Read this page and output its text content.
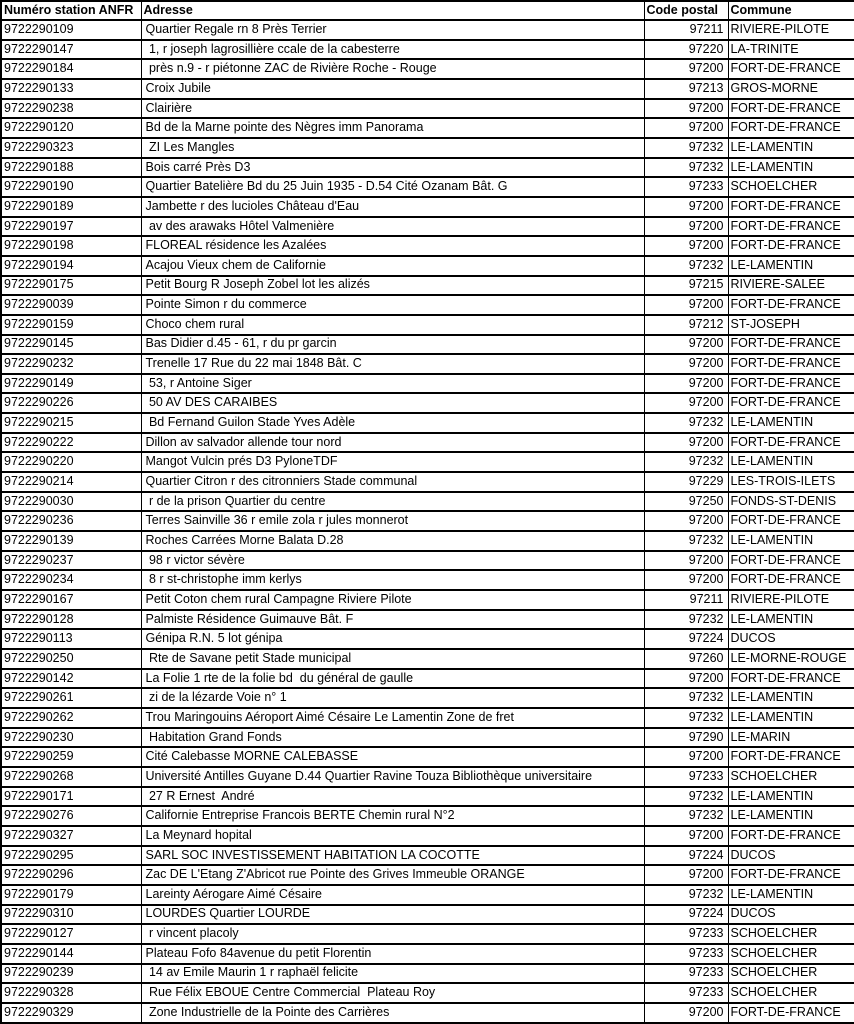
Numéro station ANFR	Adresse	Code postal	Commune
9722290109	Quartier Regale rn 8 Près Terrier	97211	RIVIERE-PILOTE
9722290147	1, r joseph lagrosillière ccale de la cabesterre	97220	LA-TRINITE
9722290184	près n.9 - r piétonne ZAC de Rivière Roche - Rouge	97200	FORT-DE-FRANCE
9722290133	Croix Jubile	97213	GROS-MORNE
9722290238	Clairière	97200	FORT-DE-FRANCE
9722290120	Bd de la Marne pointe des Nègres imm Panorama	97200	FORT-DE-FRANCE
9722290323	ZI Les Mangles	97232	LE-LAMENTIN
9722290188	Bois carré Près D3	97232	LE-LAMENTIN
9722290190	Quartier Batelière Bd du 25 Juin 1935 - D.54 Cité Ozanam Bât. G	97233	SCHOELCHER
9722290189	Jambette r des lucioles Château d'Eau	97200	FORT-DE-FRANCE
9722290197	av des arawaks Hôtel Valmenière	97200	FORT-DE-FRANCE
9722290198	FLOREAL résidence les Azalées	97200	FORT-DE-FRANCE
9722290194	Acajou Vieux chem de Californie	97232	LE-LAMENTIN
9722290175	Petit Bourg R Joseph Zobel lot les alizés	97215	RIVIERE-SALEE
9722290039	Pointe Simon r du commerce	97200	FORT-DE-FRANCE
9722290159	Choco chem rural	97212	ST-JOSEPH
9722290145	Bas Didier d.45 - 61, r du pr garcin	97200	FORT-DE-FRANCE
9722290232	Trenelle 17 Rue du 22 mai 1848 Bât. C	97200	FORT-DE-FRANCE
9722290149	53, r Antoine Siger	97200	FORT-DE-FRANCE
9722290226	50 AV DES CARAIBES	97200	FORT-DE-FRANCE
9722290215	Bd Fernand Guilon Stade Yves Adèle	97232	LE-LAMENTIN
9722290222	Dillon av salvador allende tour nord	97200	FORT-DE-FRANCE
9722290220	Mangot Vulcin prés D3 PyloneTDF	97232	LE-LAMENTIN
9722290214	Quartier Citron r des citronniers Stade communal	97229	LES-TROIS-ILETS
9722290030	r de la prison Quartier du centre	97250	FONDS-ST-DENIS
9722290236	Terres Sainville 36 r emile zola r jules monnerot	97200	FORT-DE-FRANCE
9722290139	Roches Carrées Morne Balata D.28	97232	LE-LAMENTIN
9722290237	98 r victor sévère	97200	FORT-DE-FRANCE
9722290234	8 r st-christophe imm kerlys	97200	FORT-DE-FRANCE
9722290167	Petit Coton chem rural Campagne Riviere Pilote	97211	RIVIERE-PILOTE
9722290128	Palmiste Résidence Guimauve Bât. F	97232	LE-LAMENTIN
9722290113	Génipa R.N. 5 lot génipa	97224	DUCOS
9722290250	Rte de Savane petit Stade municipal	97260	LE-MORNE-ROUGE
9722290142	La Folie 1 rte de la folie bd  du général de gaulle	97200	FORT-DE-FRANCE
9722290261	zi de la lézarde Voie n° 1	97232	LE-LAMENTIN
9722290262	Trou Maringouins Aéroport Aimé Césaire Le Lamentin Zone de fret	97232	LE-LAMENTIN
9722290230	Habitation Grand Fonds	97290	LE-MARIN
9722290259	Cité Calebasse MORNE CALEBASSE	97200	FORT-DE-FRANCE
9722290268	Université Antilles Guyane D.44 Quartier Ravine Touza Bibliothèque universitaire	97233	SCHOELCHER
9722290171	27 R Ernest  André	97232	LE-LAMENTIN
9722290276	Californie Entreprise Francois BERTE Chemin rural N°2	97232	LE-LAMENTIN
9722290327	La Meynard hopital	97200	FORT-DE-FRANCE
9722290295	SARL SOC INVESTISSEMENT HABITATION LA COCOTTE	97224	DUCOS
9722290296	Zac DE L'Etang Z'Abricot rue Pointe des Grives Immeuble ORANGE	97200	FORT-DE-FRANCE
9722290179	Lareinty Aérogare Aimé Césaire	97232	LE-LAMENTIN
9722290310	LOURDES Quartier LOURDE	97224	DUCOS
9722290127	r vincent placoly	97233	SCHOELCHER
9722290144	Plateau Fofo 84avenue du petit Florentin	97233	SCHOELCHER
9722290239	14 av Emile Maurin 1 r raphaël felicite	97233	SCHOELCHER
9722290328	Rue Félix EBOUE Centre Commercial  Plateau Roy	97233	SCHOELCHER
9722290329	Zone Industrielle de la Pointe des Carrières	97200	FORT-DE-FRANCE
